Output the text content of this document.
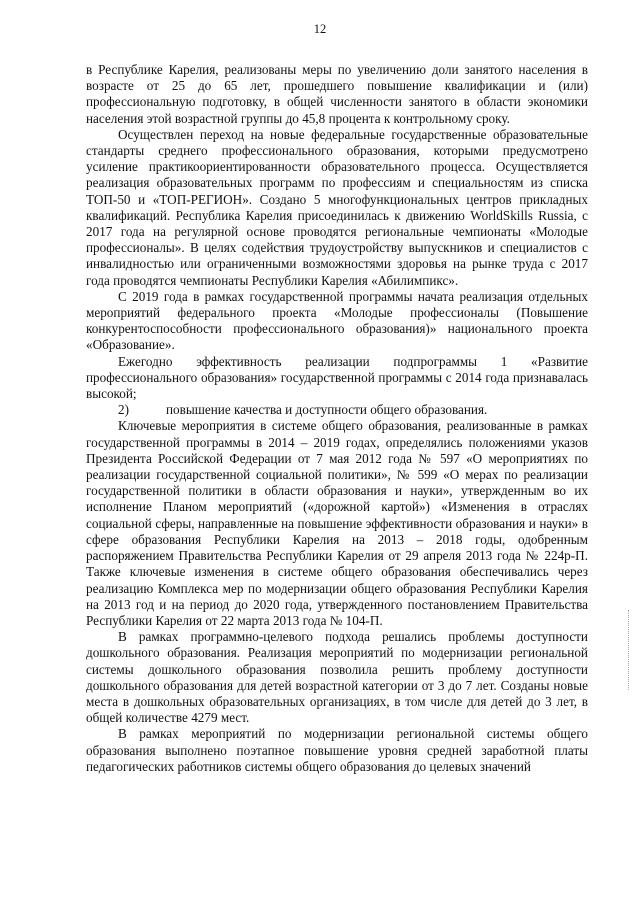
12

в Республике Карелия, реализованы меры по увеличению доли занятого населения в возрасте от 25 до 65 лет, прошедшего повышение квалификации и (или) профессиональную подготовку, в общей численности занятого в области экономики населения этой возрастной группы до 45,8 процента к контрольному сроку.

Осуществлен переход на новые федеральные государственные образовательные стандарты среднего профессионального образования, которыми предусмотрено усиление практикоориентированности образовательного процесса. Осуществляется реализация образовательных программ по профессиям и специальностям из списка ТОП-50 и «ТОП-РЕГИОН». Создано 5 многофункциональных центров прикладных квалификаций. Республика Карелия присоединилась к движению WorldSkills Russia, с 2017 года на регулярной основе проводятся региональные чемпионаты «Молодые профессионалы». В целях содействия трудоустройству выпускников и специалистов с инвалидностью или ограниченными возможностями здоровья на рынке труда с 2017 года проводятся чемпионаты Республики Карелия «Абилимпикс».

С 2019 года в рамках государственной программы начата реализация отдельных мероприятий федерального проекта «Молодые профессионалы (Повышение конкурентоспособности профессионального образования)» национального проекта «Образование».

Ежегодно эффективность реализации подпрограммы 1 «Развитие профессионального образования» государственной программы с 2014 года признавалась высокой;

2)	повышение качества и доступности общего образования.

Ключевые мероприятия в системе общего образования, реализованные в рамках государственной программы в 2014 – 2019 годах, определялись положениями указов Президента Российской Федерации от 7 мая 2012 года № 597 «О мероприятиях по реализации государственной социальной политики», № 599 «О мерах по реализации государственной политики в области образования и науки», утвержденным во их исполнение Планом мероприятий («дорожной картой») «Изменения в отраслях социальной сферы, направленные на повышение эффективности образования и науки» в сфере образования Республики Карелия на 2013 – 2018 годы, одобренным распоряжением Правительства Республики Карелия от 29 апреля 2013 года № 224р-П. Также ключевые изменения в системе общего образования обеспечивались через реализацию Комплекса мер по модернизации общего образования Республики Карелия на 2013 год и на период до 2020 года, утвержденного постановлением Правительства Республики Карелия от 22 марта 2013 года № 104-П.

В рамках программно-целевого подхода решались проблемы доступности дошкольного образования. Реализация мероприятий по модернизации региональной системы дошкольного образования позволила решить проблему доступности дошкольного образования для детей возрастной категории от 3 до 7 лет. Созданы новые места в дошкольных образовательных организациях, в том числе для детей до 3 лет, в общей количестве 4279 мест.

В рамках мероприятий по модернизации региональной системы общего образования выполнено поэтапное повышение уровня средней заработной платы педагогических работников системы общего образования до целевых значений
